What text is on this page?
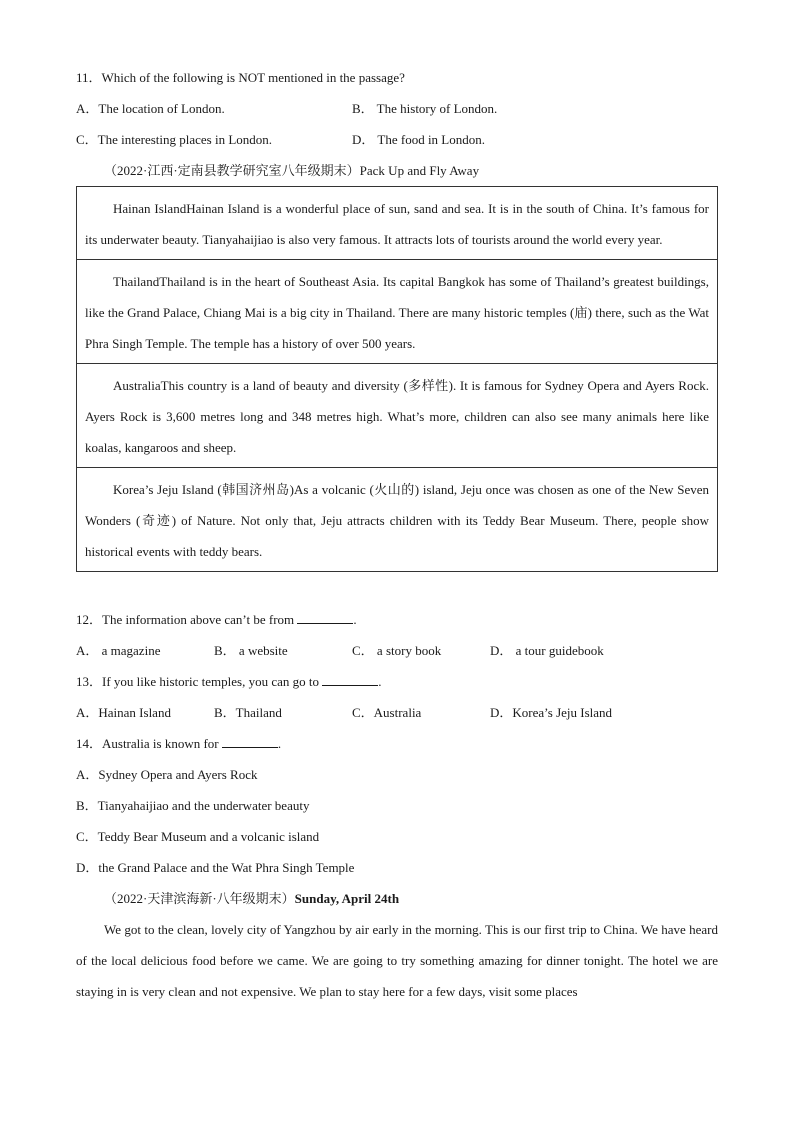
11．Which of the following is NOT mentioned in the passage?
A．The location of London.	B． The history of London.
C．The interesting places in London.	D． The food in London.
（2022·江西·定南县教学研究室八年级期末）Pack Up and Fly Away
Hainan IslandHainan Island is a wonderful place of sun, sand and sea. It is in the south of China. It’s famous for its underwater beauty. Tianyahaijiao is also very famous. It attracts lots of tourists around the world every year.

ThailandThailand is in the heart of Southeast Asia. Its capital Bangkok has some of Thailand’s greatest buildings, like the Grand Palace, Chiang Mai is a big city in Thailand. There are many historic temples (庙) there, such as the Wat Phra Singh Temple. The temple has a history of over 500 years.

AustraliaThis country is a land of beauty and diversity (多样性). It is famous for Sydney Opera and Ayers Rock. Ayers Rock is 3,600 metres long and 348 metres high. What’s more, children can also see many animals here like koalas, kangaroos and sheep.

Korea’s Jeju Island (韩国济州岛)As a volcanic (火山的) island, Jeju once was chosen as one of the New Seven Wonders (奇迹) of Nature. Not only that, Jeju attracts children with its Teddy Bear Museum. There, people show historical events with teddy bears.
12．The information above can’t be from	.
A． a magazine	B． a website	C． a story book	D． a tour guidebook
13．If you like historic temples, you can go to	.
A．Hainan Island	B．Thailand	C．Australia	D．Korea’s Jeju Island
14．Australia is known for	.
A．Sydney Opera and Ayers Rock
B．Tianyahaijiao and the underwater beauty
C．Teddy Bear Museum and a volcanic island
D．the Grand Palace and the Wat Phra Singh Temple
（2022·天津滨海新·八年级期末）Sunday, April 24th
We got to the clean, lovely city of Yangzhou by air early in the morning. This is our first trip to China. We have heard of the local delicious food before we came. We are going to try something amazing for dinner tonight. The hotel we are staying in is very clean and not expensive. We plan to stay here for a few days, visit some places
